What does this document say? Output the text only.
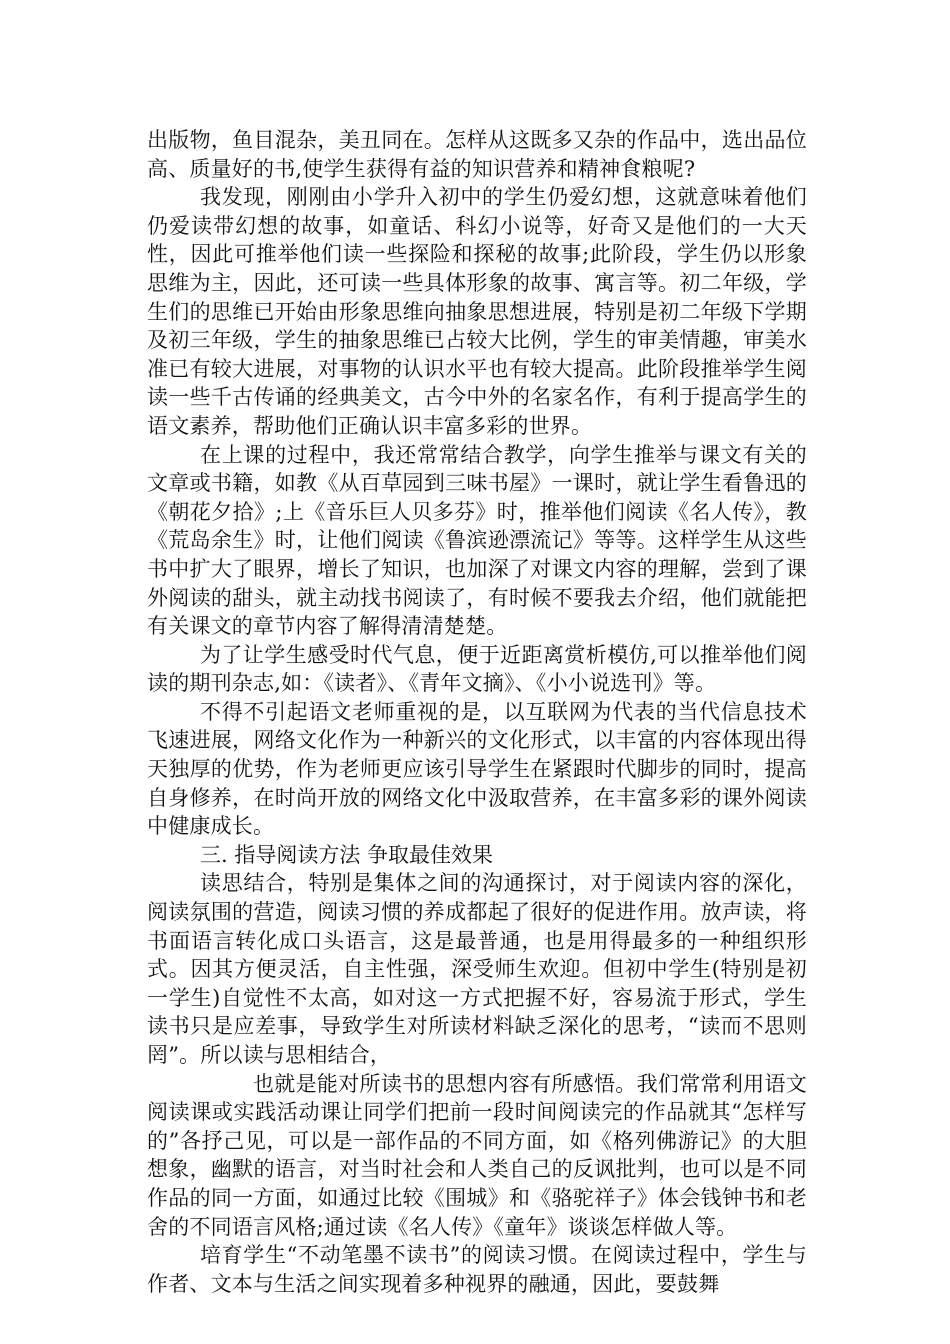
出版物，鱼目混杂，美丑同在。怎样从这既多又杂的作品中，选出品位高、质量好的书,使学生获得有益的知识营养和精神食粮呢?

我发现，刚刚由小学升入初中的学生仍爱幻想，这就意味着他们仍爱读带幻想的故事，如童话、科幻小说等，好奇又是他们的一大天性，因此可推举他们读一些探险和探秘的故事;此阶段，学生仍以形象思维为主，因此，还可读一些具体形象的故事、寓言等。初二年级，学生们的思维已开始由形象思维向抽象思想进展，特别是初二年级下学期及初三年级，学生的抽象思维已占较大比例，学生的审美情趣，审美水准已有较大进展，对事物的认识水平也有较大提高。此阶段推举学生阅读一些千古传诵的经典美文，古今中外的名家名作，有利于提高学生的语文素养，帮助他们正确认识丰富多彩的世界。

在上课的过程中，我还常常结合教学，向学生推举与课文有关的文章或书籍，如教《从百草园到三味书屋》一课时，就让学生看鲁迅的《朝花夕拾》;上《音乐巨人贝多芬》时，推举他们阅读《名人传》，教《荒岛余生》时，让他们阅读《鲁滨逊漂流记》等等。这样学生从这些书中扩大了眼界，增长了知识，也加深了对课文内容的理解，尝到了课外阅读的甜头，就主动找书阅读了，有时候不要我去介绍，他们就能把有关课文的章节内容了解得清清楚楚。

为了让学生感受时代气息，便于近距离赏析模仿,可以推举他们阅读的期刊杂志,如：《读者》、《青年文摘》、《小小说选刊》等。

不得不引起语文老师重视的是，以互联网为代表的当代信息技术飞速进展，网络文化作为一种新兴的文化形式，以丰富的内容体现出得天独厚的优势，作为老师更应该引导学生在紧跟时代脚步的同时，提高自身修养，在时尚开放的网络文化中汲取营养，在丰富多彩的课外阅读中健康成长。

三. 指导阅读方法 争取最佳效果

读思结合，特别是集体之间的沟通探讨，对于阅读内容的深化，阅读氛围的营造，阅读习惯的养成都起了很好的促进作用。放声读，将书面语言转化成口头语言，这是最普通，也是用得最多的一种组织形式。因其方便灵活，自主性强，深受师生欢迎。但初中学生(特别是初一学生)自觉性不太高，如对这一方式把握不好，容易流于形式，学生读书只是应差事，导致学生对所读材料缺乏深化的思考，“读而不思则罔”。所以读与思相结合，

也就是能对所读书的思想内容有所感悟。我们常常利用语文阅读课或实践活动课让同学们把前一段时间阅读完的作品就其“怎样写的”各抒己见，可以是一部作品的不同方面，如《格列佛游记》的大胆想象，幽默的语言，对当时社会和人类自己的反讽批判，也可以是不同作品的同一方面，如通过比较《围城》和《骆驼祥子》体会钱钟书和老舍的不同语言风格;通过读《名人传》《童年》谈谈怎样做人等。

培育学生“不动笔墨不读书”的阅读习惯。在阅读过程中，学生与作者、文本与生活之间实现着多种视界的融通，因此，要鼓舞
